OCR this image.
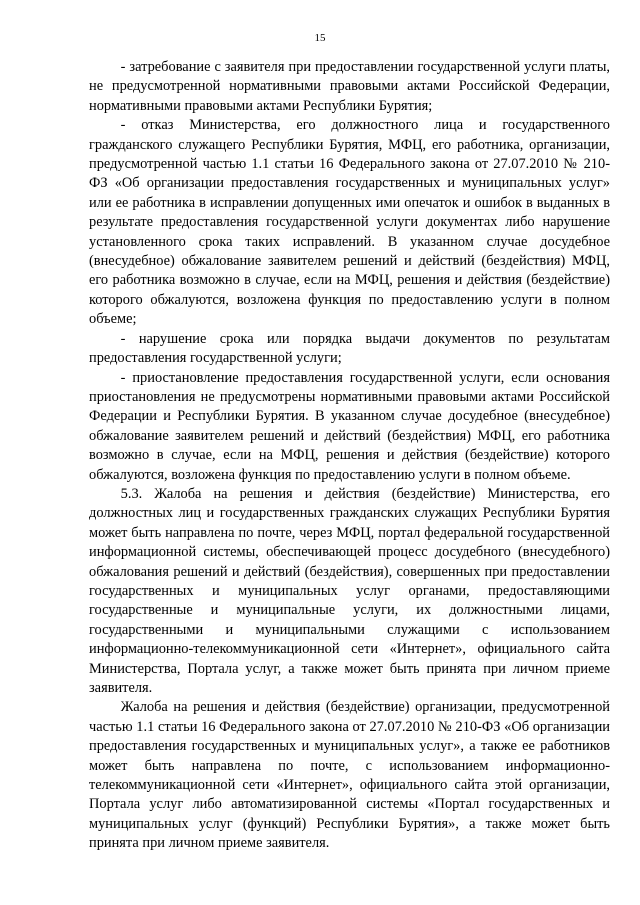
15

- затребование с заявителя при предоставлении государственной услуги платы, не предусмотренной нормативными правовыми актами Российской Федерации, нормативными правовыми актами Республики Бурятия;

- отказ Министерства, его должностного лица и государственного гражданского служащего Республики Бурятия, МФЦ, его работника, организации, предусмотренной частью 1.1 статьи 16 Федерального закона от 27.07.2010 № 210-ФЗ «Об организации предоставления государственных и муниципальных услуг» или ее работника в исправлении допущенных ими опечаток и ошибок в выданных в результате предоставления государственной услуги документах либо нарушение установленного срока таких исправлений. В указанном случае досудебное (внесудебное) обжалование заявителем решений и действий (бездействия) МФЦ, его работника возможно в случае, если на МФЦ, решения и действия (бездействие) которого обжалуются, возложена функция по предоставлению услуги в полном объеме;

- нарушение срока или порядка выдачи документов по результатам предоставления государственной услуги;

- приостановление предоставления государственной услуги, если основания приостановления не предусмотрены нормативными правовыми актами Российской Федерации и Республики Бурятия. В указанном случае досудебное (внесудебное) обжалование заявителем решений и действий (бездействия) МФЦ, его работника возможно в случае, если на МФЦ, решения и действия (бездействие) которого обжалуются, возложена функция по предоставлению услуги в полном объеме.

5.3. Жалоба на решения и действия (бездействие) Министерства, его должностных лиц и государственных гражданских служащих Республики Бурятия может быть направлена по почте, через МФЦ, портал федеральной государственной информационной системы, обеспечивающей процесс досудебного (внесудебного) обжалования решений и действий (бездействия), совершенных при предоставлении государственных и муниципальных услуг органами, предоставляющими государственные и муниципальные услуги, их должностными лицами, государственными и муниципальными служащими с использованием информационно-телекоммуникационной сети «Интернет», официального сайта Министерства, Портала услуг, а также может быть принята при личном приеме заявителя.

Жалоба на решения и действия (бездействие) организации, предусмотренной частью 1.1 статьи 16 Федерального закона от 27.07.2010 № 210-ФЗ «Об организации предоставления государственных и муниципальных услуг», а также ее работников может быть направлена по почте, с использованием информационно-телекоммуникационной сети «Интернет», официального сайта этой организации, Портала услуг либо автоматизированной системы «Портал государственных и муниципальных услуг (функций) Республики Бурятия», а также может быть принята при личном приеме заявителя.
